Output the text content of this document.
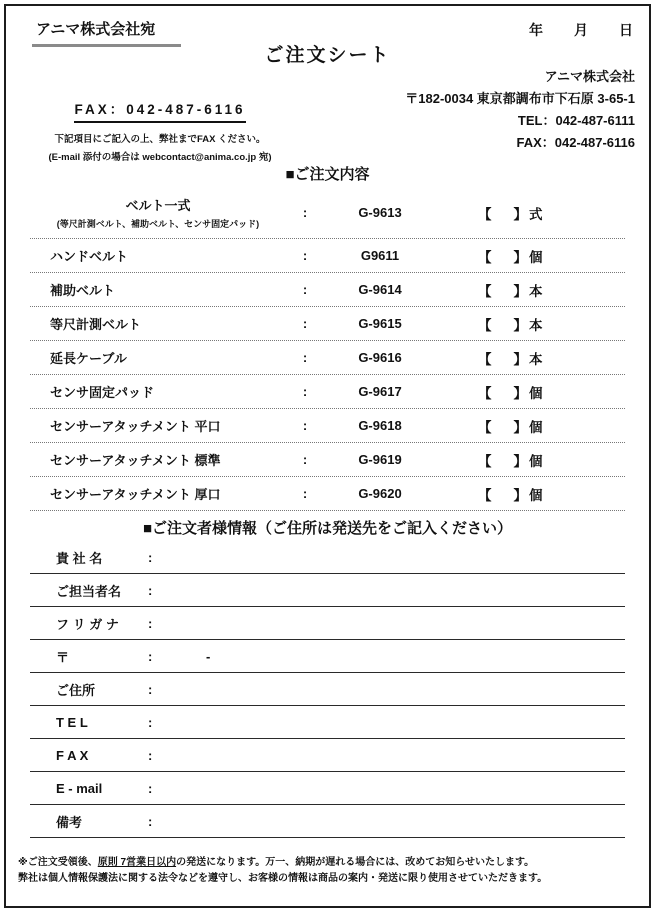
アニマ株式会社宛	年 月 日
ご注文シート
アニマ株式会社
〒182-0034 東京都調布市下石原 3-65-1
TEL：042-487-6111
FAX：042-487-6116
FAX：042-487-6116
下記項目にご記入の上、弊社までFAX ください。
(E-mail 添付の場合は webcontact@anima.co.jp 宛)
■ご注文内容
ベルト一式
(等尺計測ベルト、補助ベルト、センサ固定パッド)
:	G-9613	【 】 式
ハンドベルト	:	G9611	【 】 個
補助ベルト	:	G-9614	【 】 本
等尺計測ベルト	:	G-9615	【 】 本
延長ケーブル	:	G-9616	【 】 本
センサ固定パッド	:	G-9617	【 】 個
センサーアタッチメント 平口	:	G-9618	【 】 個
センサーアタッチメント 標準	:	G-9619	【 】 個
センサーアタッチメント 厚口	:	G-9620	【 】 個
■ご注文者様情報（ご住所は発送先をご記入ください）
貴 社 名	:
ご担当者名	:
フ リ ガ ナ	:
〒	:	-
ご住所	:
T E L	:
F A X	:
E - mail	:
備考	:
※ご注文受領後、原則 7営業日以内の発送になります。万一、納期が遅れる場合には、改めてお知らせいたします。
弊社は個人情報保護法に関する法令などを遵守し、お客様の情報は商品の案内・発送に限り使用させていただきます。
